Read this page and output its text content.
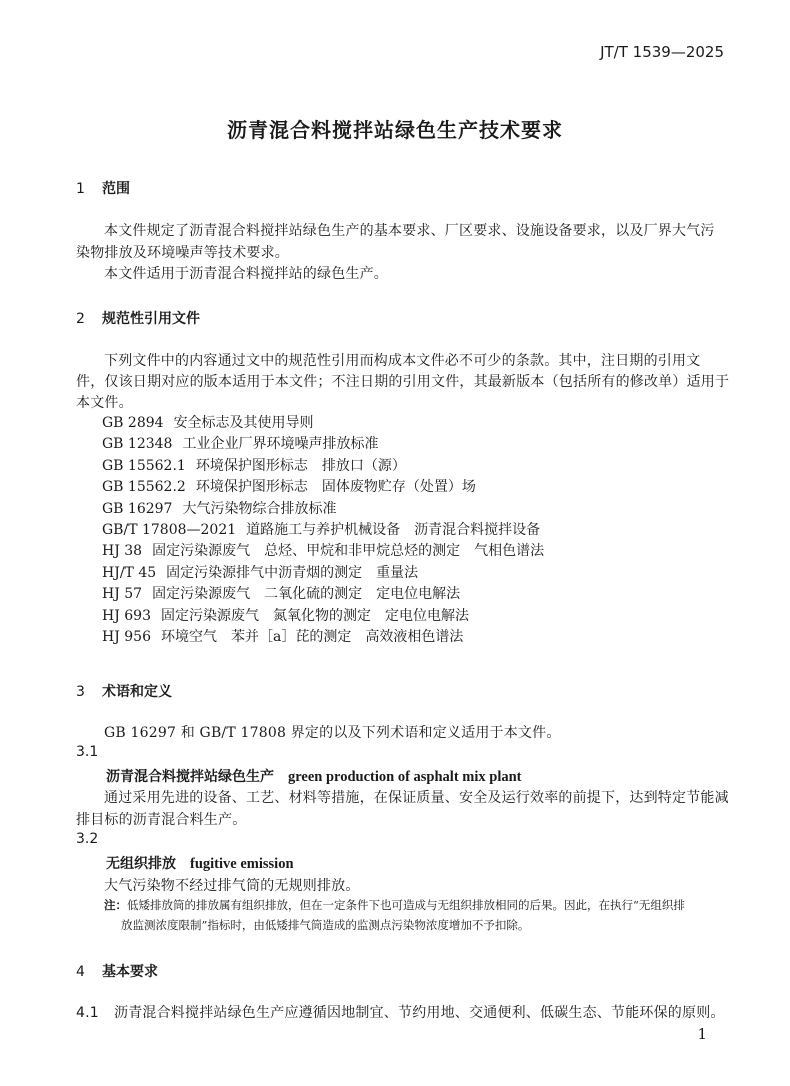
JT/T 1539—2025
沥青混合料搅拌站绿色生产技术要求
1 范围
本文件规定了沥青混合料搅拌站绿色生产的基本要求、厂区要求、设施设备要求，以及厂界大气污
染物排放及环境噪声等技术要求。
本文件适用于沥青混合料搅拌站的绿色生产。
2 规范性引用文件
下列文件中的内容通过文中的规范性引用而构成本文件必不可少的条款。其中，注日期的引用文
件，仅该日期对应的版本适用于本文件；不注日期的引用文件，其最新版本（包括所有的修改单）适用于
本文件。
GB 2894 安全标志及其使用导则
GB 12348 工业企业厂界环境噪声排放标准
GB 15562.1 环境保护图形标志　排放口（源）
GB 15562.2 环境保护图形标志　固体废物贮存（处置）场
GB 16297 大气污染物综合排放标准
GB/T 17808—2021 道路施工与养护机械设备　沥青混合料搅拌设备
HJ 38 固定污染源废气　总烃、甲烷和非甲烷总烃的测定　气相色谱法
HJ/T 45 固定污染源排气中沥青烟的测定　重量法
HJ 57 固定污染源废气　二氧化硫的测定　定电位电解法
HJ 693 固定污染源废气　氮氧化物的测定　定电位电解法
HJ 956 环境空气　苯并［a］芘的测定　高效液相色谱法
3 术语和定义
GB 16297 和 GB/T 17808 界定的以及下列术语和定义适用于本文件。
3.1
沥青混合料搅拌站绿色生产 green production of asphalt mix plant
通过采用先进的设备、工艺、材料等措施，在保证质量、安全及运行效率的前提下，达到特定节能减
排目标的沥青混合料生产。
3.2
无组织排放 fugitive emission
大气污染物不经过排气筒的无规则排放。
注：低矮排放筒的排放属有组织排放，但在一定条件下也可造成与无组织排放相同的后果。因此，在执行“无组织排
放监测浓度限制”指标时，由低矮排气筒造成的监测点污染物浓度增加不予扣除。
4 基本要求
4.1 沥青混合料搅拌站绿色生产应遵循因地制宜、节约用地、交通便利、低碳生态、节能环保的原则。
1
